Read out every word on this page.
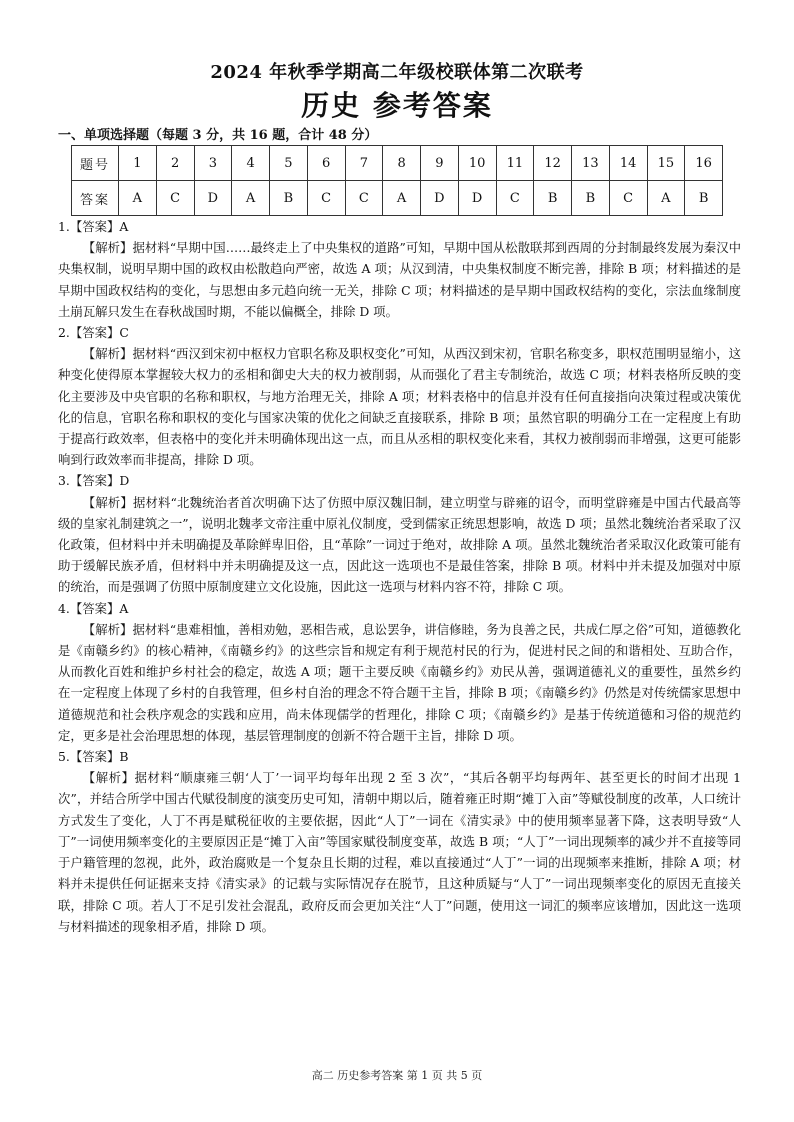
2024 年秋季学期高二年级校联体第二次联考
历史 参考答案
一、单项选择题（每题 3 分，共 16 题，合计 48 分）
题号	1	2	3	4	5	6	7	8	9	10	11	12	13	14	15	16
答案	A	C	D	A	B	C	C	A	D	D	C	B	B	C	A	B

1.【答案】A

【解析】据材料“早期中国……最终走上了中央集权的道路”可知，早期中国从松散联邦到西周的分封制最终发展为秦汉中央集权制，说明早期中国的政权由松散趋向严密，故选 A 项；从汉到清，中央集权制度不断完善，排除 B 项；材料描述的是早期中国政权结构的变化，与思想由多元趋向统一无关，排除 C 项；材料描述的是早期中国政权结构的变化，宗法血缘制度土崩瓦解只发生在春秋战国时期，不能以偏概全，排除 D 项。

2.【答案】C

【解析】据材料“西汉到宋初中枢权力官职名称及职权变化”可知，从西汉到宋初，官职名称变多，职权范围明显缩小，这种变化使得原本掌握较大权力的丞相和御史大夫的权力被削弱，从而强化了君主专制统治，故选 C 项；材料表格所反映的变化主要涉及中央官职的名称和职权，与地方治理无关，排除 A 项；材料表格中的信息并没有任何直接指向决策过程或决策优化的信息，官职名称和职权的变化与国家决策的优化之间缺乏直接联系，排除 B 项；虽然官职的明确分工在一定程度上有助于提高行政效率，但表格中的变化并未明确体现出这一点，而且从丞相的职权变化来看，其权力被削弱而非增强，这更可能影响到行政效率而非提高，排除 D 项。

3.【答案】D

【解析】据材料“北魏统治者首次明确下达了仿照中原汉魏旧制，建立明堂与辟雍的诏令，而明堂辟雍是中国古代最高等级的皇家礼制建筑之一”，说明北魏孝文帝注重中原礼仪制度，受到儒家正统思想影响，故选 D 项；虽然北魏统治者采取了汉化政策，但材料中并未明确提及革除鲜卑旧俗，且“革除”一词过于绝对，故排除 A 项。虽然北魏统治者采取汉化政策可能有助于缓解民族矛盾，但材料中并未明确提及这一点，因此这一选项也不是最佳答案，排除 B 项。材料中并未提及加强对中原的统治，而是强调了仿照中原制度建立文化设施，因此这一选项与材料内容不符，排除 C 项。

4.【答案】A

【解析】据材料“患难相恤，善相劝勉，恶相告戒，息讼罢争，讲信修睦，务为良善之民，共成仁厚之俗”可知，道德教化是《南赣乡约》的核心精神，《南赣乡约》的这些宗旨和规定有利于规范村民的行为，促进村民之间的和谐相处、互助合作，从而教化百姓和维护乡村社会的稳定，故选 A 项；题干主要反映《南赣乡约》劝民从善，强调道德礼义的重要性，虽然乡约在一定程度上体现了乡村的自我管理，但乡村自治的理念不符合题干主旨，排除 B 项；《南赣乡约》仍然是对传统儒家思想中道德规范和社会秩序观念的实践和应用，尚未体现儒学的哲理化，排除 C 项；《南赣乡约》是基于传统道德和习俗的规范约定，更多是社会治理思想的体现，基层管理制度的创新不符合题干主旨，排除 D 项。

5.【答案】B

【解析】据材料“顺康雍三朝‘人丁’一词平均每年出现 2 至 3 次”，“其后各朝平均每两年、甚至更长的时间才出现 1 次”，并结合所学中国古代赋役制度的演变历史可知，清朝中期以后，随着雍正时期“摊丁入亩”等赋役制度的改革，人口统计方式发生了变化，人丁不再是赋税征收的主要依据，因此“人丁”一词在《清实录》中的使用频率显著下降，这表明导致“人丁”一词使用频率变化的主要原因正是“摊丁入亩”等国家赋役制度变革，故选 B 项；“人丁”一词出现频率的减少并不直接等同于户籍管理的忽视，此外，政治腐败是一个复杂且长期的过程，难以直接通过“人丁”一词的出现频率来推断，排除 A 项；材料并未提供任何证据来支持《清实录》的记载与实际情况存在脱节，且这种质疑与“人丁”一词出现频率变化的原因无直接关联，排除 C 项。若人丁不足引发社会混乱，政府反而会更加关注“人丁”问题，使用这一词汇的频率应该增加，因此这一选项与材料描述的现象相矛盾，排除 D 项。

高二 历史参考答案 第 1 页 共 5 页
